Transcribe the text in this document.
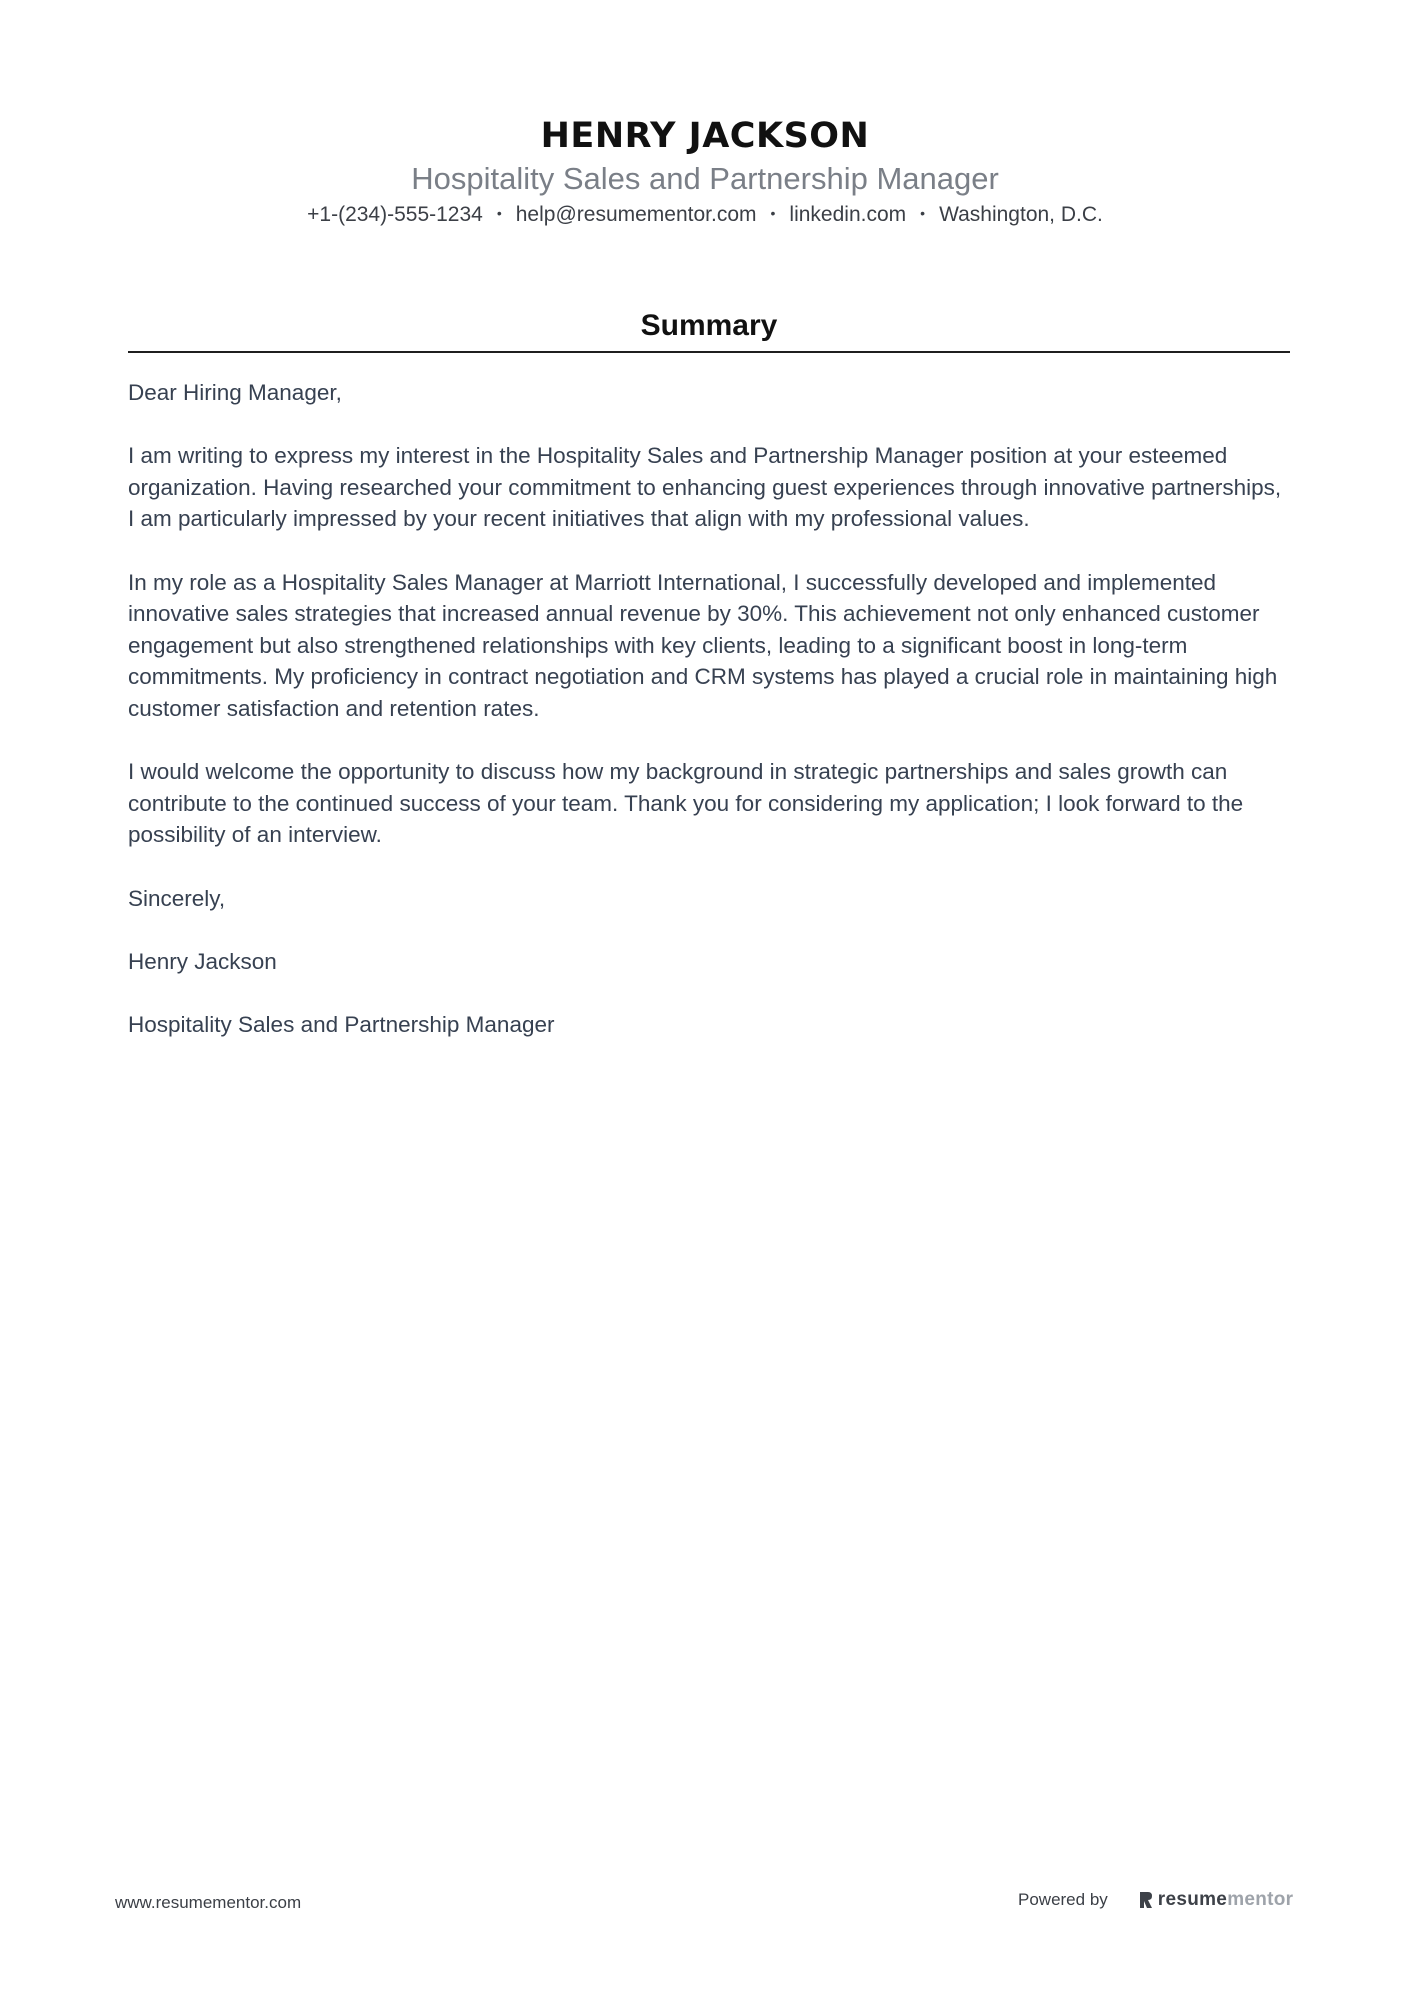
HENRY JACKSON
Hospitality Sales and Partnership Manager
+1-(234)-555-1234 • help@resumementor.com • linkedin.com • Washington, D.C.
Summary

Dear Hiring Manager,

I am writing to express my interest in the Hospitality Sales and Partnership Manager position at your esteemed organization. Having researched your commitment to enhancing guest experiences through innovative partnerships, I am particularly impressed by your recent initiatives that align with my professional values.

In my role as a Hospitality Sales Manager at Marriott International, I successfully developed and implemented innovative sales strategies that increased annual revenue by 30%. This achievement not only enhanced customer engagement but also strengthened relationships with key clients, leading to a significant boost in long-term commitments. My proficiency in contract negotiation and CRM systems has played a crucial role in maintaining high customer satisfaction and retention rates.

I would welcome the opportunity to discuss how my background in strategic partnerships and sales growth can contribute to the continued success of your team. Thank you for considering my application; I look forward to the possibility of an interview.

Sincerely,

Henry Jackson

Hospitality Sales and Partnership Manager

www.resumementor.com	Powered by	resume mentor
